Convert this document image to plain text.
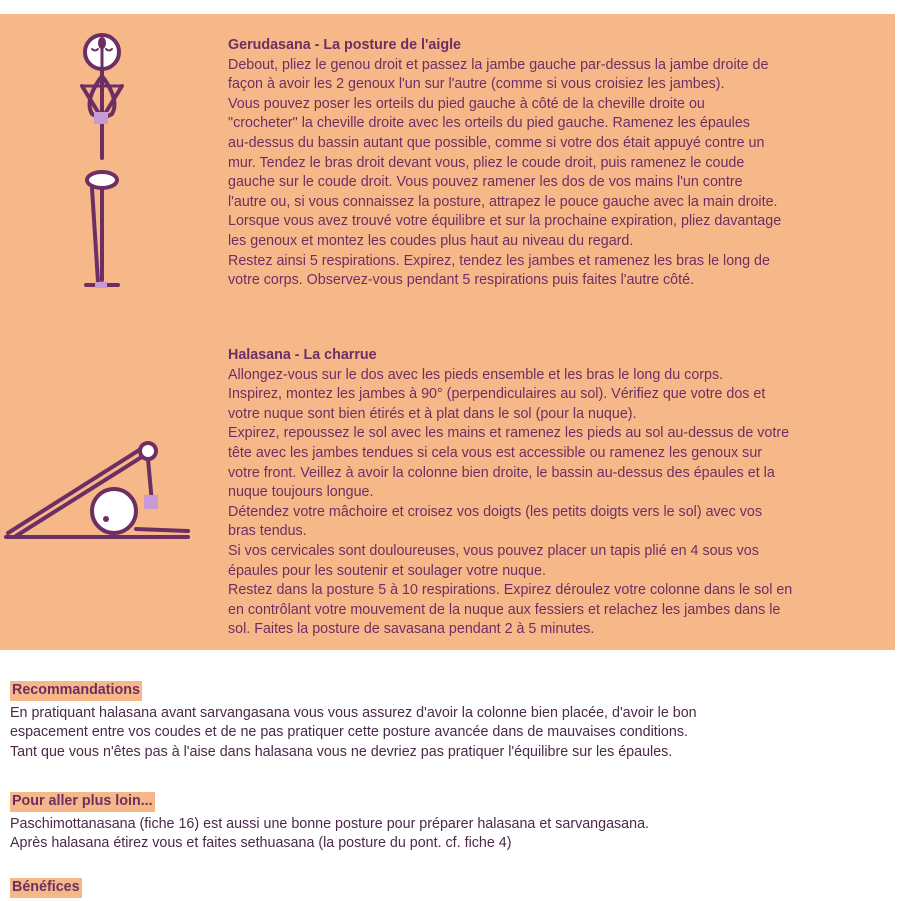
Gerudasana - La posture de l'aigle
Debout, pliez le genou droit et passez la jambe gauche par-dessus la jambe droite de
façon à avoir les 2 genoux l'un sur l'autre (comme si vous croisiez les jambes).
Vous pouvez poser les orteils du pied gauche à côté de la cheville droite ou
"crocheter" la cheville droite avec les orteils du pied gauche. Ramenez les épaules
au-dessus du bassin autant que possible, comme si votre dos était appuyé contre un
mur. Tendez le bras droit devant vous, pliez le coude droit, puis ramenez le coude
gauche sur le coude droit. Vous pouvez ramener les dos de vos mains l'un contre
l'autre ou, si vous connaissez la posture, attrapez le pouce gauche avec la main droite.
Lorsque vous avez trouvé votre équilibre et sur la prochaine expiration, pliez davantage
les genoux et montez les coudes plus haut au niveau du regard.
Restez ainsi 5 respirations. Expirez, tendez les jambes et ramenez les bras le long de
votre corps. Observez-vous pendant 5 respirations puis faites l'autre côté.
Halasana - La charrue
Allongez-vous sur le dos avec les pieds ensemble et les bras le long du corps.
Inspirez, montez les jambes à 90° (perpendiculaires au sol). Vérifiez que votre dos et
votre nuque sont bien étirés et à plat dans le sol (pour la nuque).
Expirez, repoussez le sol avec les mains et ramenez les pieds au sol au-dessus de votre
tête avec les jambes tendues si cela vous est accessible ou ramenez les genoux sur
votre front. Veillez à avoir la colonne bien droite, le bassin au-dessus des épaules et la
nuque toujours longue.
Détendez votre mâchoire et croisez vos doigts (les petits doigts vers le sol) avec vos
bras tendus.
Si vos cervicales sont douloureuses, vous pouvez placer un tapis plié en 4 sous vos
épaules pour les soutenir et soulager votre nuque.
Restez dans la posture 5 à 10 respirations. Expirez déroulez votre colonne dans le sol en
en contrôlant votre mouvement de la nuque aux fessiers et relachez les jambes dans le
sol. Faites la posture de savasana pendant 2 à 5 minutes.
Recommandations
En pratiquant halasana avant sarvangasana vous vous assurez d'avoir la colonne bien placée, d'avoir le bon
espacement entre vos coudes et de ne pas pratiquer cette posture avancée dans de mauvaises conditions.
Tant que vous n'êtes pas à l'aise dans halasana vous ne devriez pas pratiquer l'équilibre sur les épaules.
Pour aller plus loin...
Paschimottanasana (fiche 16) est aussi une bonne posture pour préparer halasana et sarvangasana.
Après halasana étirez vous et faites sethuasana (la posture du pont. cf. fiche 4)
Bénéfices
